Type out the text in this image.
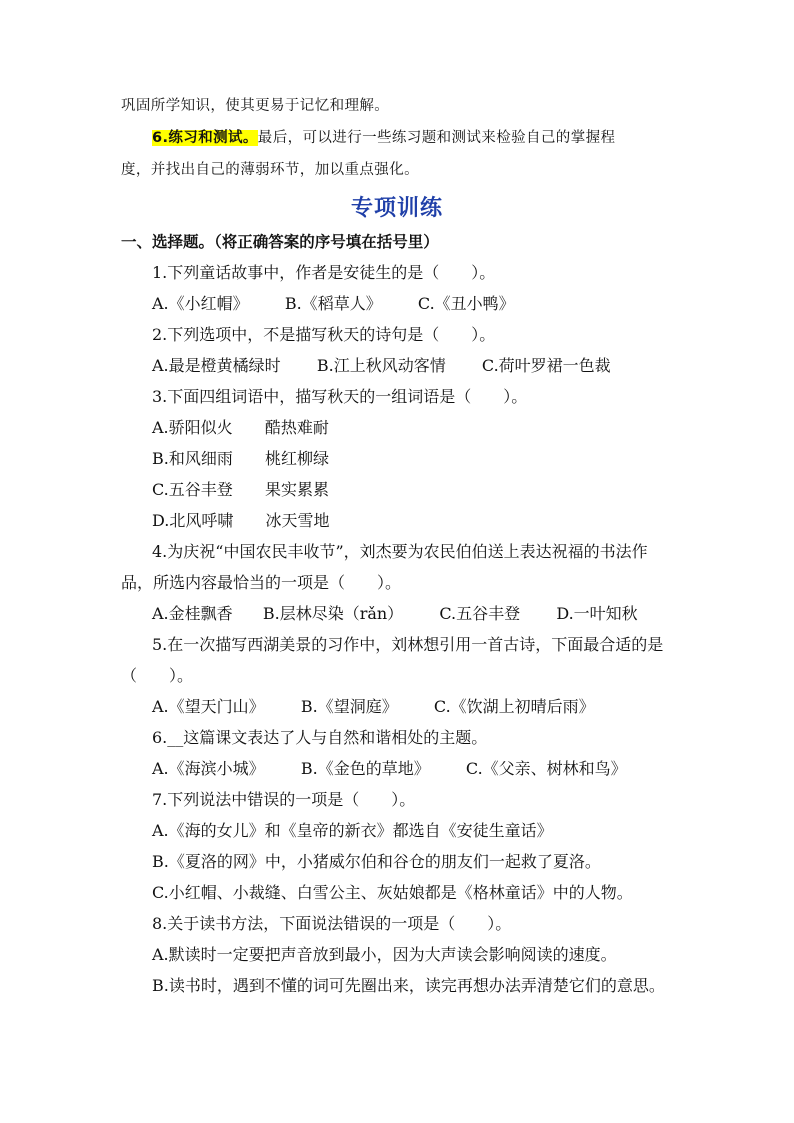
巩固所学知识，使其更易于记忆和理解。
6.练习和测试。最后，可以进行一些练习题和测试来检验自己的掌握程
度，并找出自己的薄弱环节，加以重点强化。
专项训练
一、选择题。（将正确答案的序号填在括号里）
1.下列童话故事中，作者是安徒生的是（　　）。
A.《小红帽》 B.《稻草人》 C.《丑小鸭》
2.下列选项中，不是描写秋天的诗句是（　　）。
A.最是橙黄橘绿时 B.江上秋风动客情 C.荷叶罗裙一色裁
3.下面四组词语中，描写秋天的一组词语是（　　）。
A.骄阳似火 酷热难耐
B.和风细雨 桃红柳绿
C.五谷丰登 果实累累
D.北风呼啸 冰天雪地
4.为庆祝“中国农民丰收节”，刘杰要为农民伯伯送上表达祝福的书法作
品，所选内容最恰当的一项是（　　）。
A.金桂飘香 B.层林尽染（rǎn） C.五谷丰登 D.一叶知秋
5.在一次描写西湖美景的习作中，刘林想引用一首古诗，下面最合适的是
（　　）。
A.《望天门山》 B.《望洞庭》 C.《饮湖上初晴后雨》
6.__这篇课文表达了人与自然和谐相处的主题。
A.《海滨小城》 B.《金色的草地》 C.《父亲、树林和鸟》
7.下列说法中错误的一项是（　　）。
A.《海的女儿》和《皇帝的新衣》都选自《安徒生童话》
B.《夏洛的网》中，小猪威尔伯和谷仓的朋友们一起救了夏洛。
C.小红帽、小裁缝、白雪公主、灰姑娘都是《格林童话》中的人物。
8.关于读书方法，下面说法错误的一项是（　　）。
A.默读时一定要把声音放到最小，因为大声读会影响阅读的速度。
B.读书时，遇到不懂的词可先圈出来，读完再想办法弄清楚它们的意思。
